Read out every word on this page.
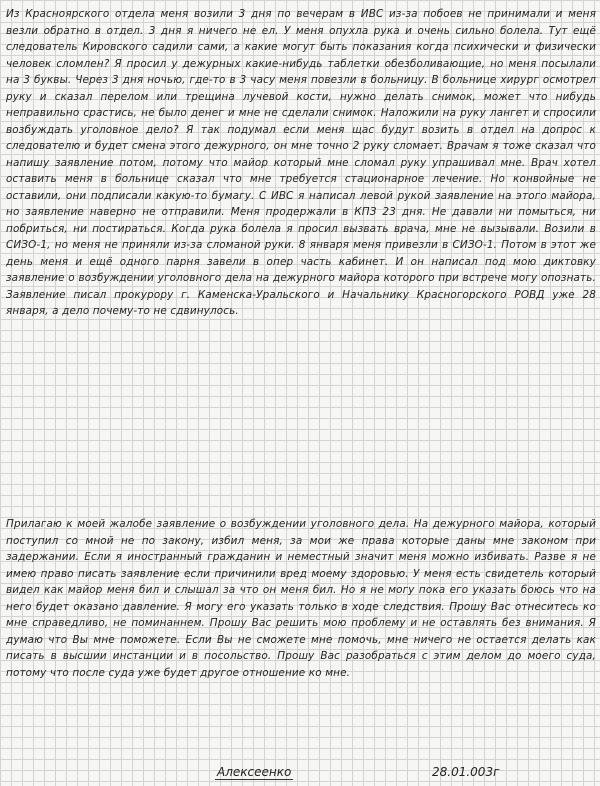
Из Красноярского отдела меня возили 3 дня по вечерам в ИВС из-за побоев не принимали и меня везли обратно в отдел. 3 дня я ничего не ел. У меня опухла рука и очень сильно болела. Тут ещё следователь Кировского садили сами, а какие могут быть показания когда психически и физически человек сломлен? Я просил у дежурных какие-нибудь таблетки обезболивающие, но меня посылали на 3 буквы. Через 3 дня ночью, где-то в 3 часу меня повезли в больницу. В больнице хирург осмотрел руку и сказал перелом или трещина лучевой кости, нужно делать снимок, может что нибудь неправильно срастись, не было денег и мне не сделали снимок. Наложили на руку лангет и спросили возбуждать уголовное дело? Я так подумал если меня щас будут возить в отдел на допрос к следователю и будет смена этого дежурного, он мне точно 2 руку сломает. Врачам я тоже сказал что напишу заявление потом, потому что майор который мне сломал руку упрашивал мне. Врач хотел оставить меня в больнице сказал что мне требуется стационарное лечение. Но конвойные не оставили, они подписали какую-то бумагу. С ИВС я написал левой рукой заявление на этого майора, но заявление наверно не отправили. Меня продержали в КПЗ 23 дня. Не давали ни помыться, ни побриться, ни постираться. Когда рука болела я просил вызвать врача, мне не вызывали. Возили в СИЗО-1, но меня не приняли из-за сломаной руки. 8 января меня привезли в СИЗО-1. Потом в этот же день меня и ещё одного парня завели в опер часть кабинет. И он написал под мою диктовку заявление о возбуждении уголовного дела на дежурного майора которого при встрече могу опознать. Заявление писал прокурору г. Каменска-Уральского и Начальнику Красногорского РОВД уже 28 января, а дело почему-то не сдвинулось.
Прилагаю к моей жалобе заявление о возбуждении уголовного дела. На дежурного майора, который поступил со мной не по закону, избил меня, за мои же права которые даны мне законом при задержании. Если я иностранный гражданин и неместный значит меня можно избивать. Разве я не имею право писать заявление если причинили вред моему здоровью. У меня есть свидетель который видел как майор меня бил и слышал за что он меня бил. Но я не могу пока его указать боюсь что на него будет оказано давление. Я могу его указать только в ходе следствия. Прошу Вас отнеситесь ко мне справедливо, не поминаннем. Прошу Вас решить мою проблему и не оставлять без внимания. Я думаю что Вы мне поможете. Если Вы не сможете мне помочь, мне ничего не остается делать как писать в высшии инстанции и в посольство. Прошу Вас разобраться с этим делом до моего суда, потому что после суда уже будет другое отношение ко мне.
Алексеенко	28.01.003г
